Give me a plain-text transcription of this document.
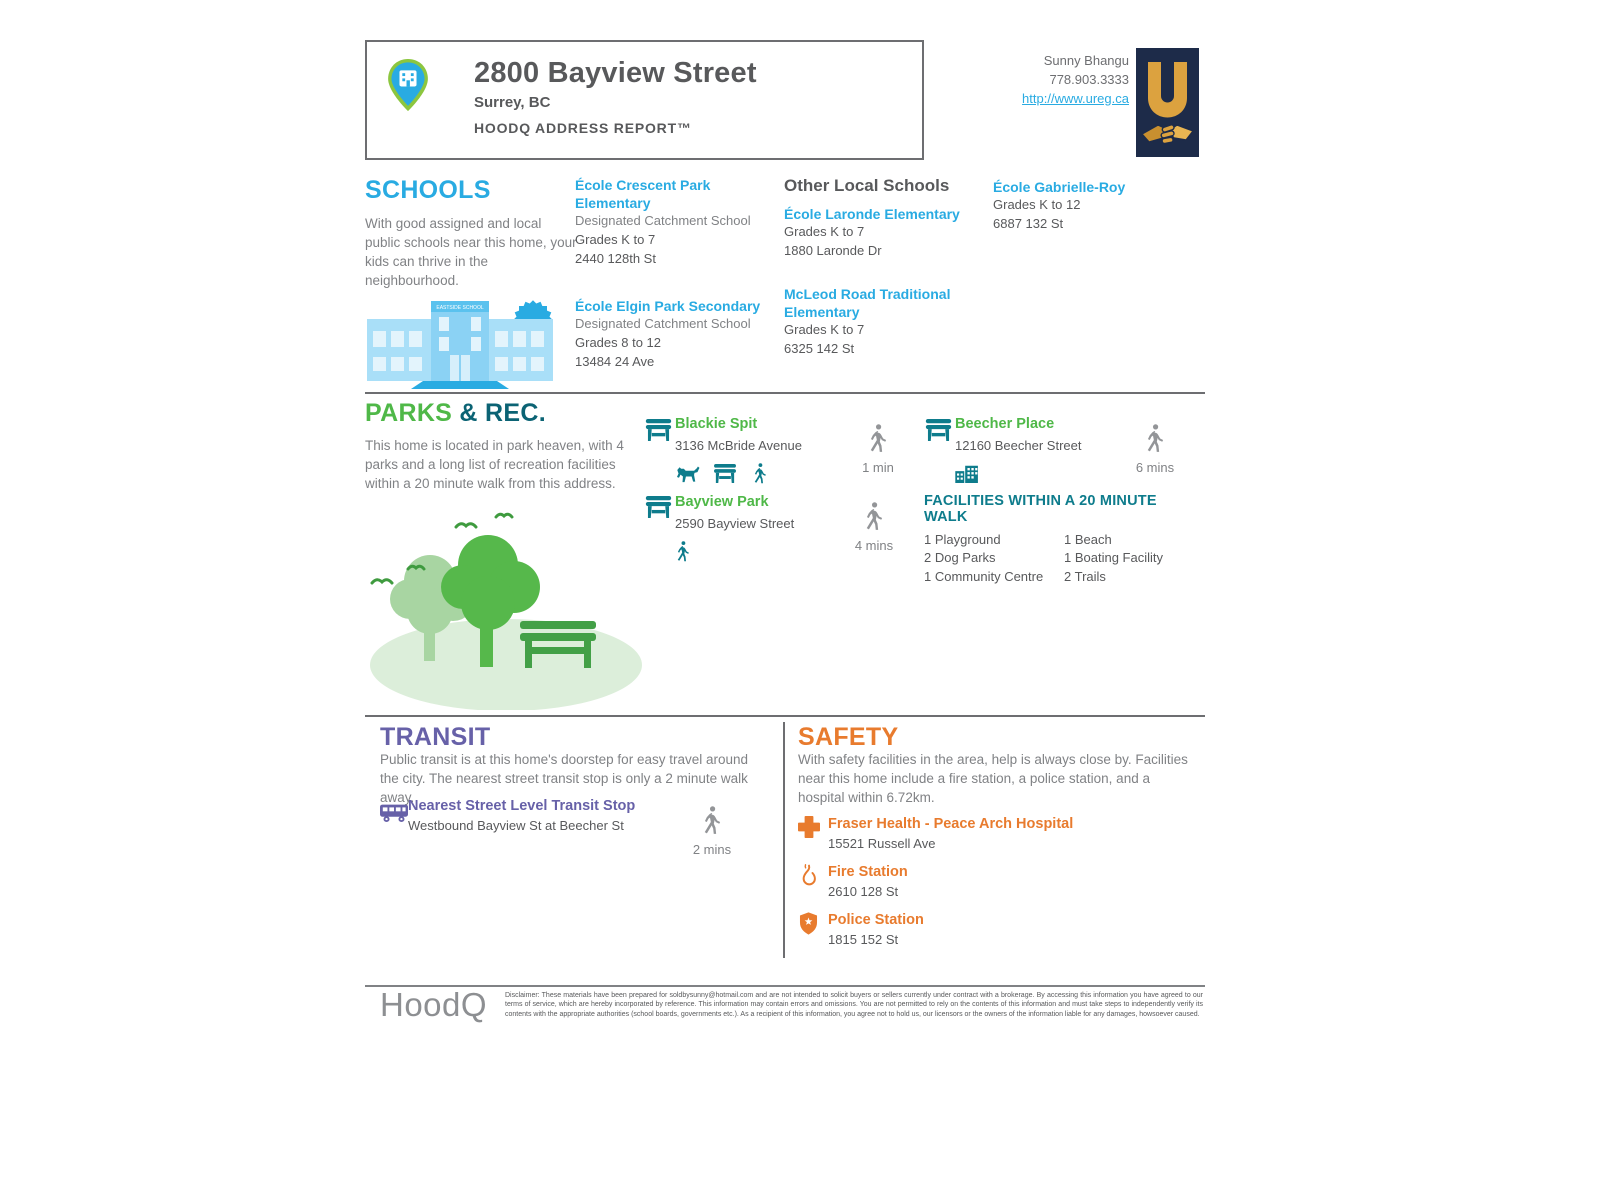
2800 Bayview Street
Surrey, BC
HOODQ ADDRESS REPORT™
Sunny Bhangu
778.903.3333
http://www.ureg.ca
SCHOOLS
With good assigned and local public schools near this home, your kids can thrive in the neighbourhood.
EASTSIDE SCHOOL
École Crescent Park Elementary
Designated Catchment School
Grades K to 7
2440 128th St
École Elgin Park Secondary
Designated Catchment School
Grades 8 to 12
13484 24 Ave
Other Local Schools
École Laronde Elementary
Grades K to 7
1880 Laronde Dr
McLeod Road Traditional Elementary
Grades K to 7
6325 142 St
École Gabrielle-Roy
Grades K to 12
6887 132 St
PARKS & REC.
This home is located in park heaven, with 4 parks and a long list of recreation facilities within a 20 minute walk from this address.
Blackie Spit
3136 McBride Avenue

1 min
Beecher Place
12160 Beecher Street
6 mins
Bayview Park
2590 Bayview Street
4 mins
FACILITIES WITHIN A 20 MINUTE WALK
1 Playground
2 Dog Parks
1 Community Centre
1 Beach
1 Boating Facility
2 Trails
TRANSIT
Public transit is at this home's doorstep for easy travel around the city. The nearest street transit stop is only a 2 minute walk away.
Nearest Street Level Transit Stop
Westbound Bayview St at Beecher St
2 mins
SAFETY
With safety facilities in the area, help is always close by. Facilities near this home include a fire station, a police station, and a hospital within 6.72km.
Fraser Health - Peace Arch Hospital
15521 Russell Ave
Fire Station
2610 128 St
Police Station
1815 152 St
HoodQ	Disclaimer: These materials have been prepared for soldbysunny@hotmail.com and are not intended to solicit buyers or sellers currently under contract with a brokerage. By accessing this information you have agreed to our terms of service, which are hereby incorporated by reference. This information may contain errors and omissions. You are not permitted to rely on the contents of this information and must take steps to independently verify its contents with the appropriate authorities (school boards, governments etc.). As a recipient of this information, you agree not to hold us, our licensors or the owners of the information liable for any damages, howsoever caused.
